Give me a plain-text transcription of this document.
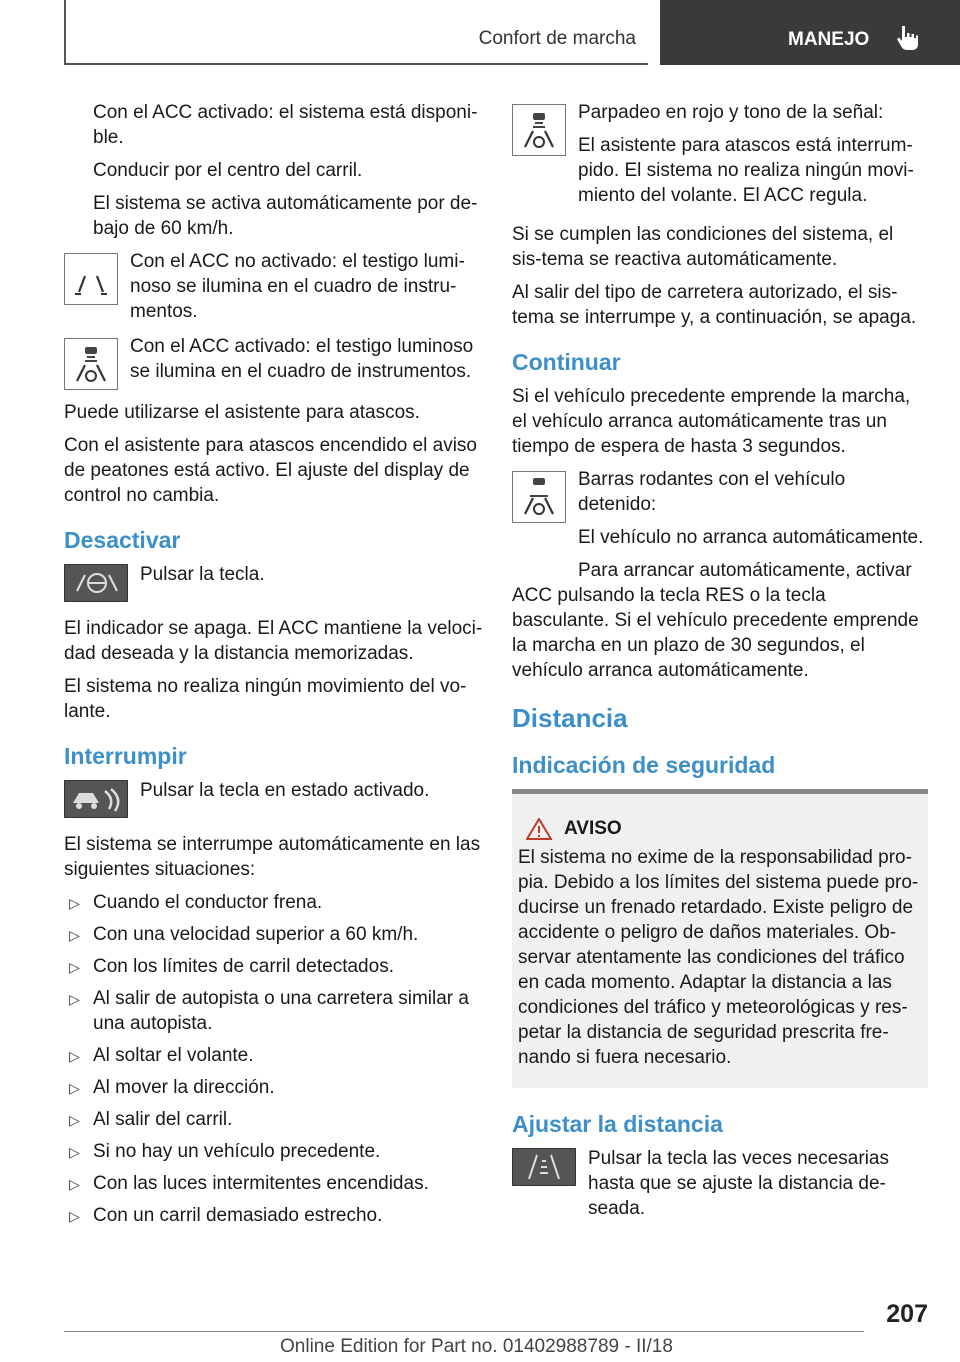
Confort de marcha	MANEJO

Con el ACC activado: el sistema está disponi-ble.

Conducir por el centro del carril.

El sistema se activa automáticamente por de-bajo de 60 km/h.

Con el ACC no activado: el testigo lumi-noso se ilumina en el cuadro de instru-mentos.
Con el ACC activado: el testigo luminoso se ilumina en el cuadro de instrumentos.

Puede utilizarse el asistente para atascos.

Con el asistente para atascos encendido el aviso de peatones está activo. El ajuste del display de control no cambia.

Desactivar
Pulsar la tecla.

El indicador se apaga. El ACC mantiene la veloci-dad deseada y la distancia memorizadas.

El sistema no realiza ningún movimiento del vo-lante.

Interrumpir
Pulsar la tecla en estado activado.

El sistema se interrumpe automáticamente en las siguientes situaciones:

▷ Cuando el conductor frena.
▷ Con una velocidad superior a 60 km/h.
▷ Con los límites de carril detectados.
▷ Al salir de autopista o una carretera similar a una autopista.
▷ Al soltar el volante.
▷ Al mover la dirección.
▷ Al salir del carril.
▷ Si no hay un vehículo precedente.
▷ Con las luces intermitentes encendidas.
▷ Con un carril demasiado estrecho.

Parpadeo en rojo y tono de la señal:

El asistente para atascos está interrum-pido. El sistema no realiza ningún movi-miento del volante. El ACC regula.

Si se cumplen las condiciones del sistema, el sis-tema se reactiva automáticamente.

Al salir del tipo de carretera autorizado, el sis-tema se interrumpe y, a continuación, se apaga.

Continuar

Si el vehículo precedente emprende la marcha, el vehículo arranca automáticamente tras un tiempo de espera de hasta 3 segundos.

Barras rodantes con el vehículo detenido:

El vehículo no arranca automáticamente.

Para arrancar automáticamente, activar ACC pulsando la tecla RES o la tecla basculante. Si el vehículo precedente emprende la marcha en un plazo de 30 segundos, el vehículo arranca automáticamente.

Distancia
Indicación de seguridad
AVISO

El sistema no exime de la responsabilidad pro-pia. Debido a los límites del sistema puede pro-ducirse un frenado retardado. Existe peligro de accidente o peligro de daños materiales. Ob-servar atentamente las condiciones del tráfico en cada momento. Adaptar la distancia a las condiciones del tráfico y meteorológicas y res-petar la distancia de seguridad prescrita fre-nando si fuera necesario.

Ajustar la distancia
Pulsar la tecla las veces necesarias hasta que se ajuste la distancia de-seada.
207
Online Edition for Part no. 01402988789 - II/18
